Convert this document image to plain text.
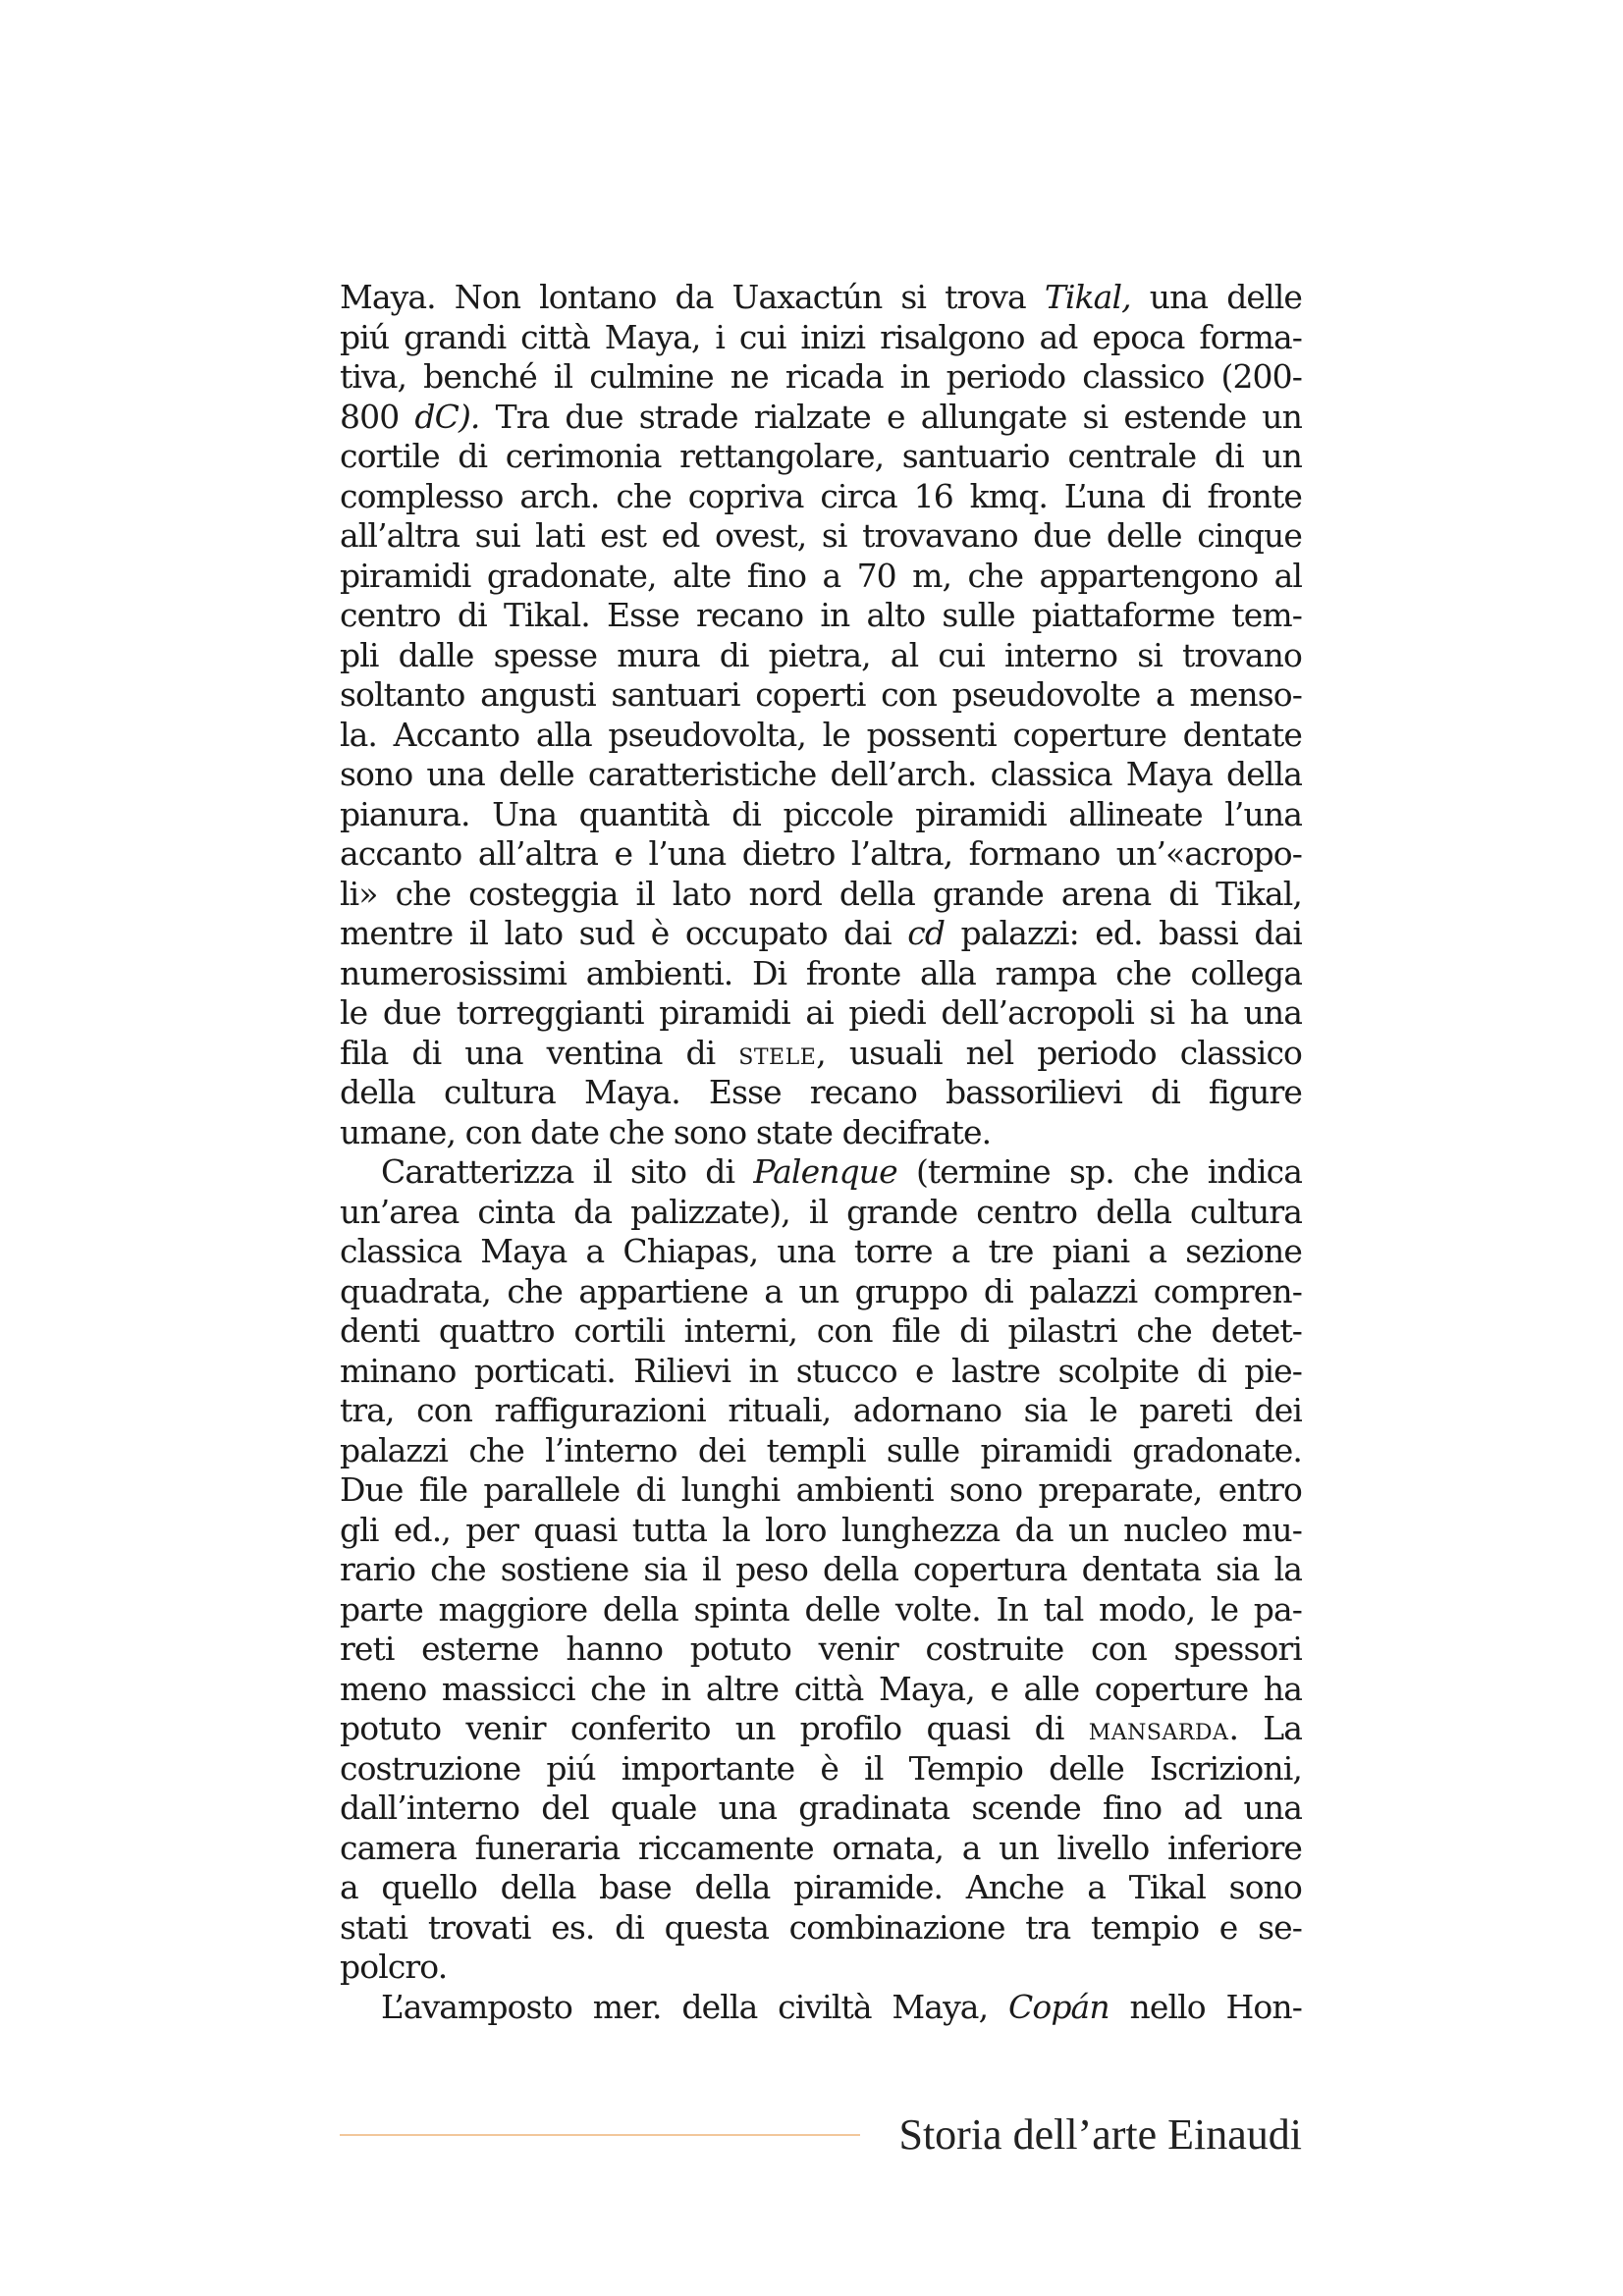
Maya. Non lontano da Uaxactún si trova Tikal, una delle
piú grandi città Maya, i cui inizi risalgono ad epoca forma-
tiva, benché il culmine ne ricada in periodo classico (200-
800 dC). Tra due strade rialzate e allungate si estende un
cortile di cerimonia rettangolare, santuario centrale di un
complesso arch. che copriva circa 16 kmq. L’una di fronte
all’altra sui lati est ed ovest, si trovavano due delle cinque
piramidi gradonate, alte fino a 70 m, che appartengono al
centro di Tikal. Esse recano in alto sulle piattaforme tem-
pli dalle spesse mura di pietra, al cui interno si trovano
soltanto angusti santuari coperti con pseudovolte a menso-
la. Accanto alla pseudovolta, le possenti coperture dentate
sono una delle caratteristiche dell’arch. classica Maya della
pianura. Una quantità di piccole piramidi allineate l’una
accanto all’altra e l’una dietro l’altra, formano un’«acropo-
li» che costeggia il lato nord della grande arena di Tikal,
mentre il lato sud è occupato dai cd palazzi: ed. bassi dai
numerosissimi ambienti. Di fronte alla rampa che collega
le due torreggianti piramidi ai piedi dell’acropoli si ha una
fila di una ventina di stele, usuali nel periodo classico
della cultura Maya. Esse recano bassorilievi di figure
umane, con date che sono state decifrate.
Caratterizza il sito di Palenque (termine sp. che indica
un’area cinta da palizzate), il grande centro della cultura
classica Maya a Chiapas, una torre a tre piani a sezione
quadrata, che appartiene a un gruppo di palazzi compren-
denti quattro cortili interni, con file di pilastri che detet-
minano porticati. Rilievi in stucco e lastre scolpite di pie-
tra, con raffigurazioni rituali, adornano sia le pareti dei
palazzi che l’interno dei templi sulle piramidi gradonate.
Due file parallele di lunghi ambienti sono preparate, entro
gli ed., per quasi tutta la loro lunghezza da un nucleo mu-
rario che sostiene sia il peso della copertura dentata sia la
parte maggiore della spinta delle volte. In tal modo, le pa-
reti esterne hanno potuto venir costruite con spessori
meno massicci che in altre città Maya, e alle coperture ha
potuto venir conferito un profilo quasi di mansarda. La
costruzione piú importante è il Tempio delle Iscrizioni,
dall’interno del quale una gradinata scende fino ad una
camera funeraria riccamente ornata, a un livello inferiore
a quello della base della piramide. Anche a Tikal sono
stati trovati es. di questa combinazione tra tempio e se-
polcro.
L’avamposto mer. della civiltà Maya, Copán nello Hon-
Storia dell’arte Einaudi
